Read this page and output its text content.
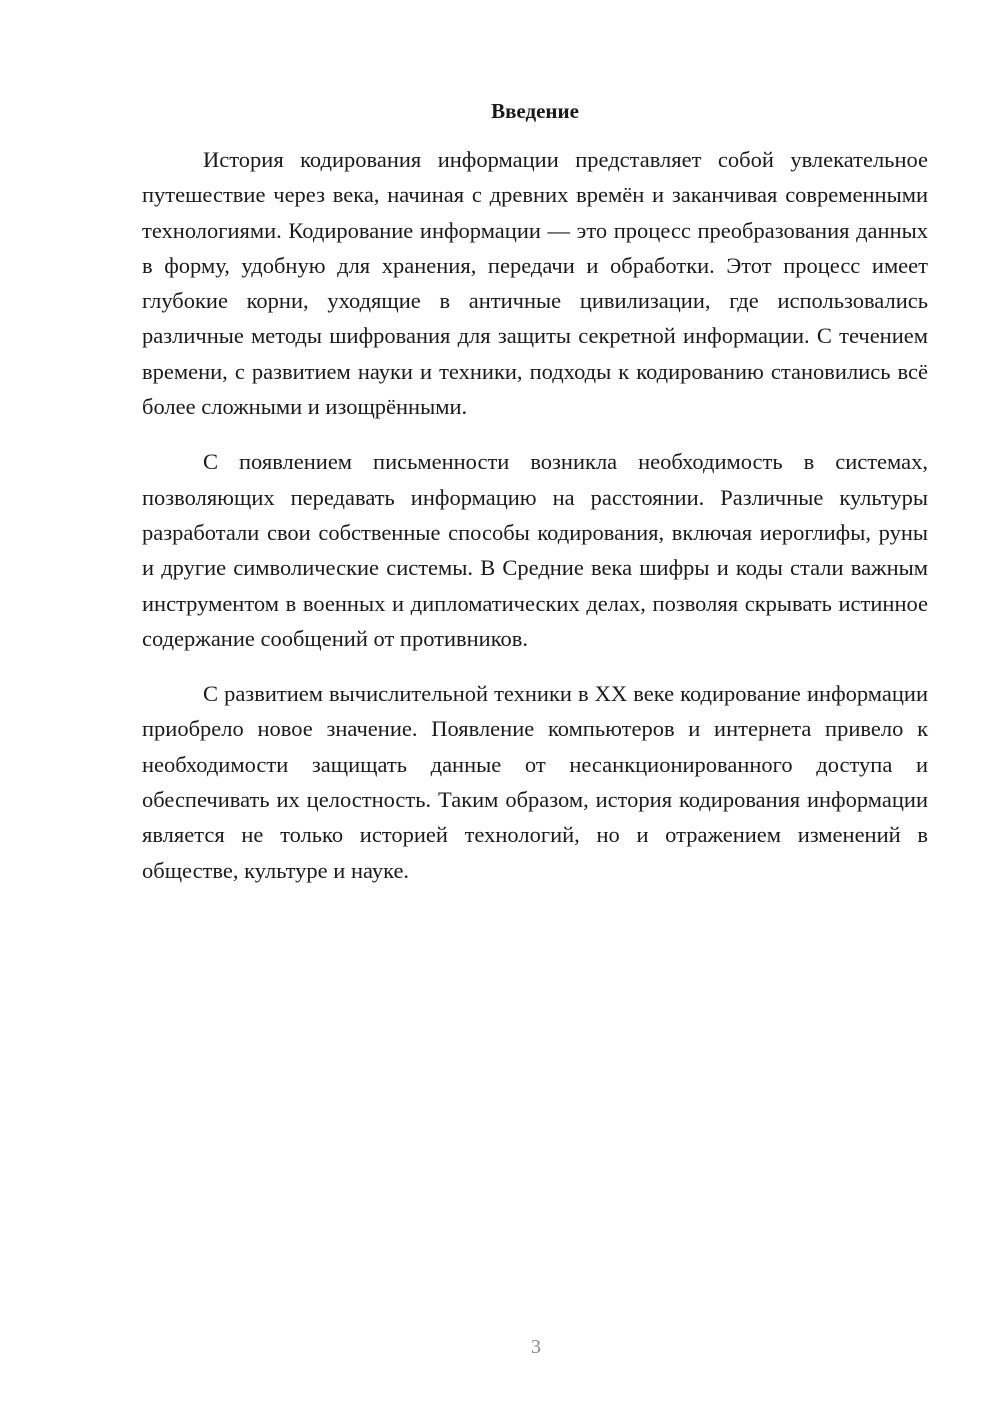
Введение

История кодирования информации представляет собой увлекательное путешествие через века, начиная с древних времён и заканчивая современными технологиями. Кодирование информации — это процесс преобразования данных в форму, удобную для хранения, передачи и обработки. Этот процесс имеет глубокие корни, уходящие в античные цивилизации, где использовались различные методы шифрования для защиты секретной информации. С течением времени, с развитием науки и техники, подходы к кодированию становились всё более сложными и изощрёнными.

С появлением письменности возникла необходимость в системах, позволяющих передавать информацию на расстоянии. Различные культуры разработали свои собственные способы кодирования, включая иероглифы, руны и другие символические системы. В Средние века шифры и коды стали важным инструментом в военных и дипломатических делах, позволяя скрывать истинное содержание сообщений от противников.

С развитием вычислительной техники в XX веке кодирование информации приобрело новое значение. Появление компьютеров и интернета привело к необходимости защищать данные от несанкционированного доступа и обеспечивать их целостность. Таким образом, история кодирования информации является не только историей технологий, но и отражением изменений в обществе, культуре и науке.

3
